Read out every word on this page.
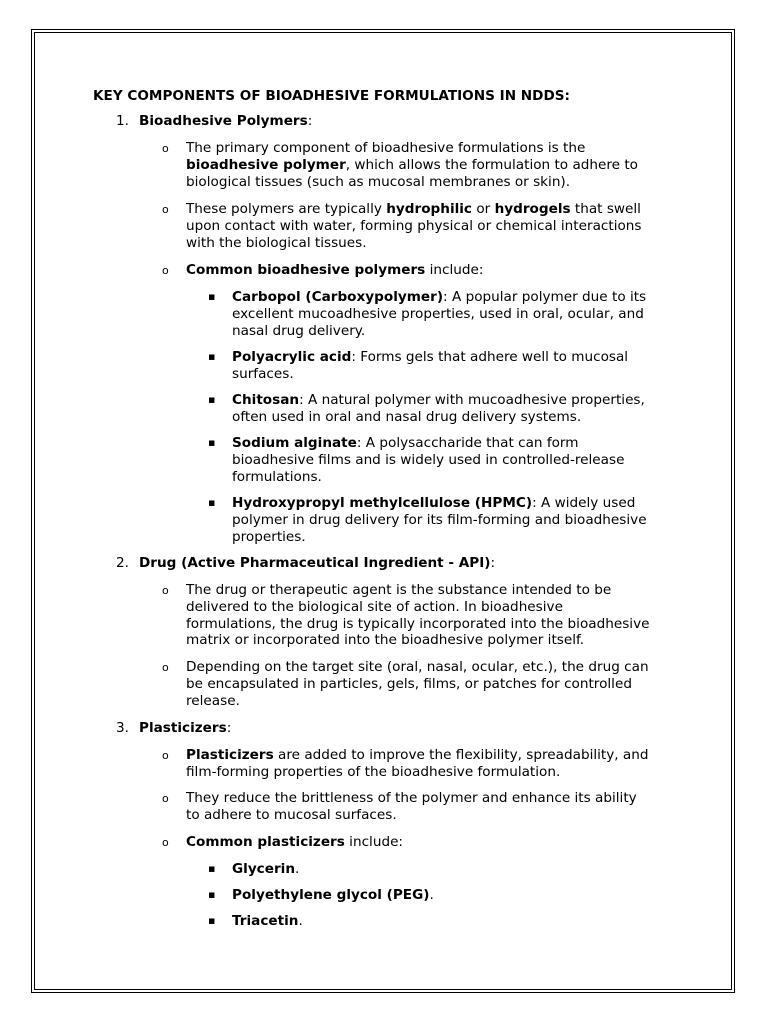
KEY COMPONENTS OF BIOADHESIVE FORMULATIONS IN NDDS:
1. Bioadhesive Polymers:
o The primary component of bioadhesive formulations is the
bioadhesive polymer, which allows the formulation to adhere to
biological tissues (such as mucosal membranes or skin).
o These polymers are typically hydrophilic or hydrogels that swell
upon contact with water, forming physical or chemical interactions
with the biological tissues.
o Common bioadhesive polymers include:
▪ Carbopol (Carboxypolymer): A popular polymer due to its
excellent mucoadhesive properties, used in oral, ocular, and
nasal drug delivery.
▪ Polyacrylic acid: Forms gels that adhere well to mucosal
surfaces.
▪ Chitosan: A natural polymer with mucoadhesive properties,
often used in oral and nasal drug delivery systems.
▪ Sodium alginate: A polysaccharide that can form
bioadhesive films and is widely used in controlled-release
formulations.
▪ Hydroxypropyl methylcellulose (HPMC): A widely used
polymer in drug delivery for its film-forming and bioadhesive
properties.
2. Drug (Active Pharmaceutical Ingredient - API):
o The drug or therapeutic agent is the substance intended to be
delivered to the biological site of action. In bioadhesive
formulations, the drug is typically incorporated into the bioadhesive
matrix or incorporated into the bioadhesive polymer itself.
o Depending on the target site (oral, nasal, ocular, etc.), the drug can
be encapsulated in particles, gels, films, or patches for controlled
release.
3. Plasticizers:
o Plasticizers are added to improve the flexibility, spreadability, and
film-forming properties of the bioadhesive formulation.
o They reduce the brittleness of the polymer and enhance its ability
to adhere to mucosal surfaces.
o Common plasticizers include:
▪ Glycerin.
▪ Polyethylene glycol (PEG).
▪ Triacetin.
